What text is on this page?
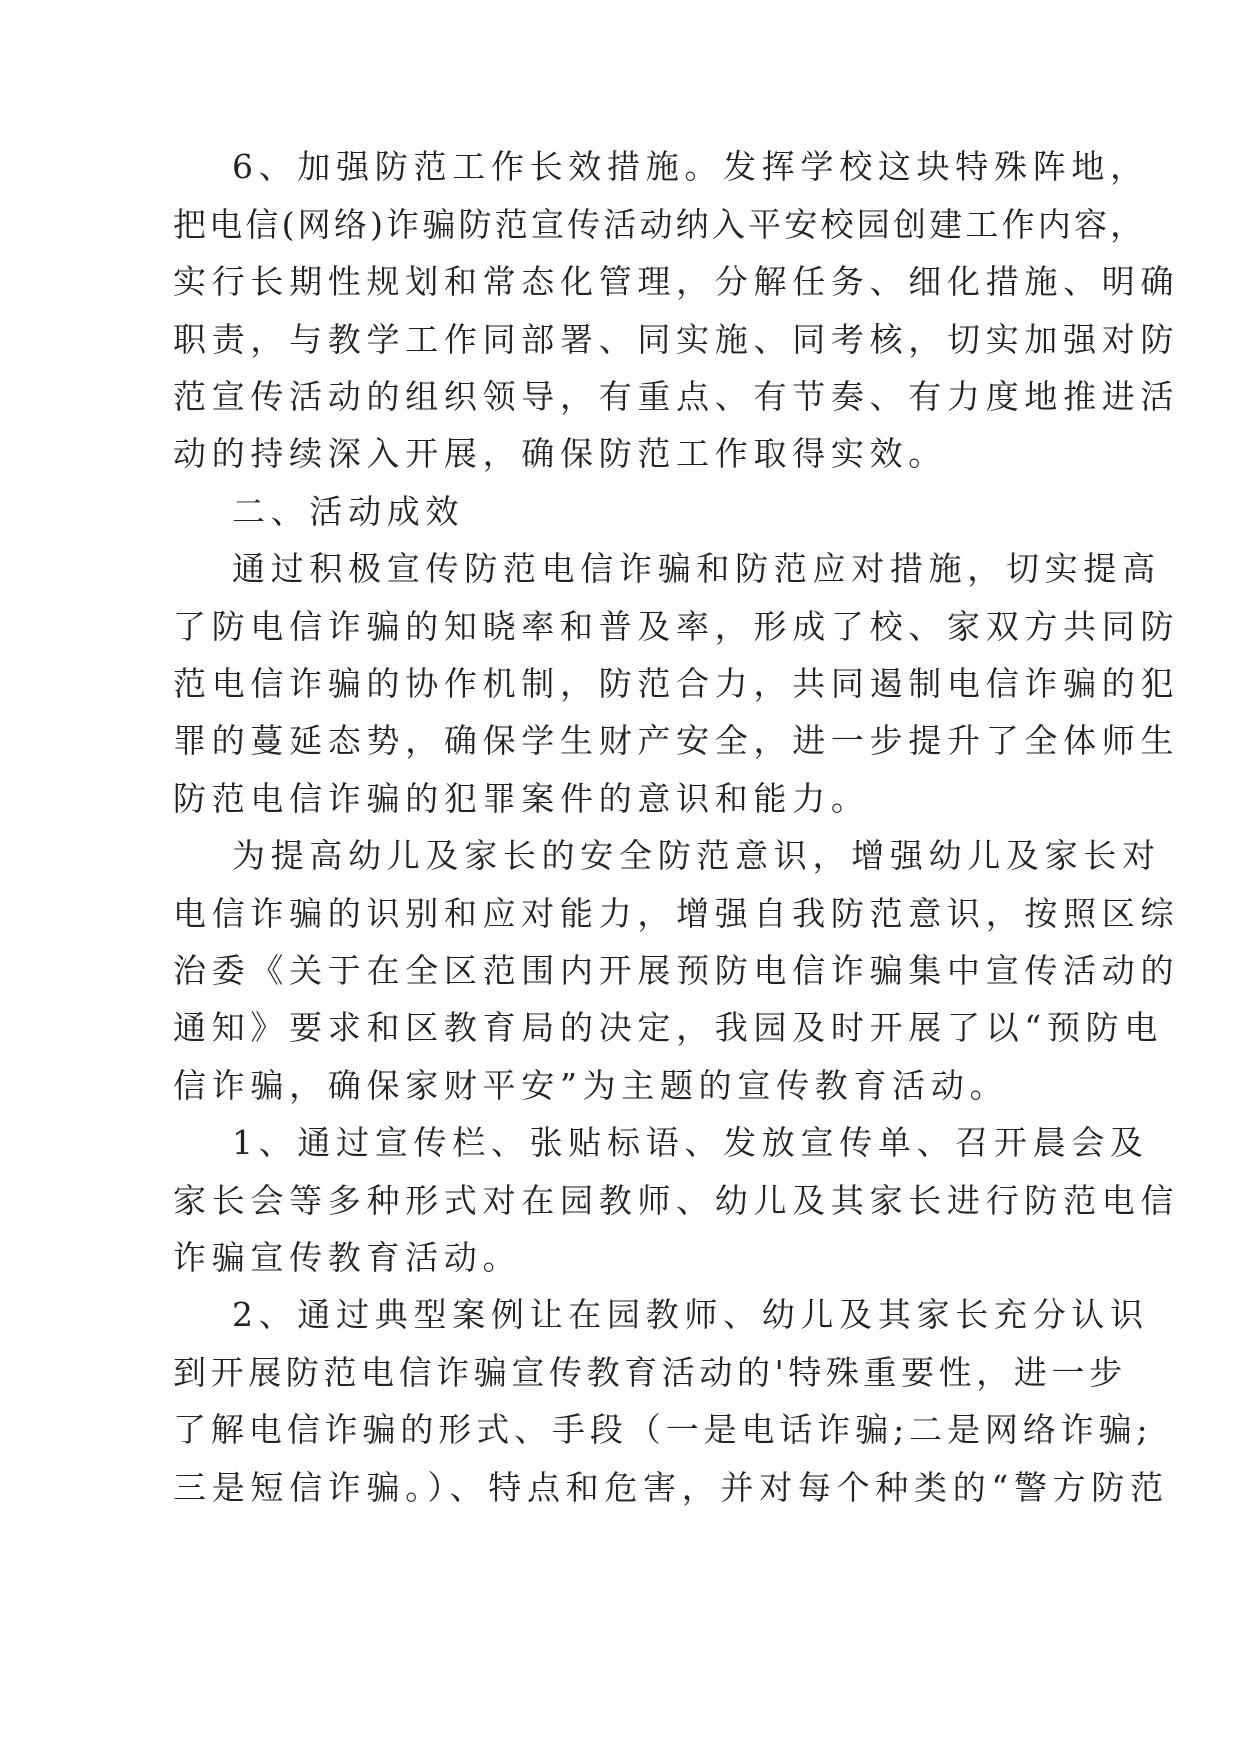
6、加强防范工作长效措施。发挥学校这块特殊阵地，
把电信(网络)诈骗防范宣传活动纳入平安校园创建工作内容，
实行长期性规划和常态化管理，分解任务、细化措施、明确
职责，与教学工作同部署、同实施、同考核，切实加强对防
范宣传活动的组织领导，有重点、有节奏、有力度地推进活
动的持续深入开展，确保防范工作取得实效。
二、活动成效
通过积极宣传防范电信诈骗和防范应对措施，切实提高
了防电信诈骗的知晓率和普及率，形成了校、家双方共同防
范电信诈骗的协作机制，防范合力，共同遏制电信诈骗的犯
罪的蔓延态势，确保学生财产安全，进一步提升了全体师生
防范电信诈骗的犯罪案件的意识和能力。
为提高幼儿及家长的安全防范意识，增强幼儿及家长对
电信诈骗的识别和应对能力，增强自我防范意识，按照区综
治委《关于在全区范围内开展预防电信诈骗集中宣传活动的
通知》要求和区教育局的决定，我园及时开展了以“预防电
信诈骗，确保家财平安”为主题的宣传教育活动。
1、通过宣传栏、张贴标语、发放宣传单、召开晨会及
家长会等多种形式对在园教师、幼儿及其家长进行防范电信
诈骗宣传教育活动。
2、通过典型案例让在园教师、幼儿及其家长充分认识
到开展防范电信诈骗宣传教育活动的'特殊重要性，进一步
了解电信诈骗的形式、手段（一是电话诈骗;二是网络诈骗;
三是短信诈骗。）、特点和危害，并对每个种类的“警方防范
